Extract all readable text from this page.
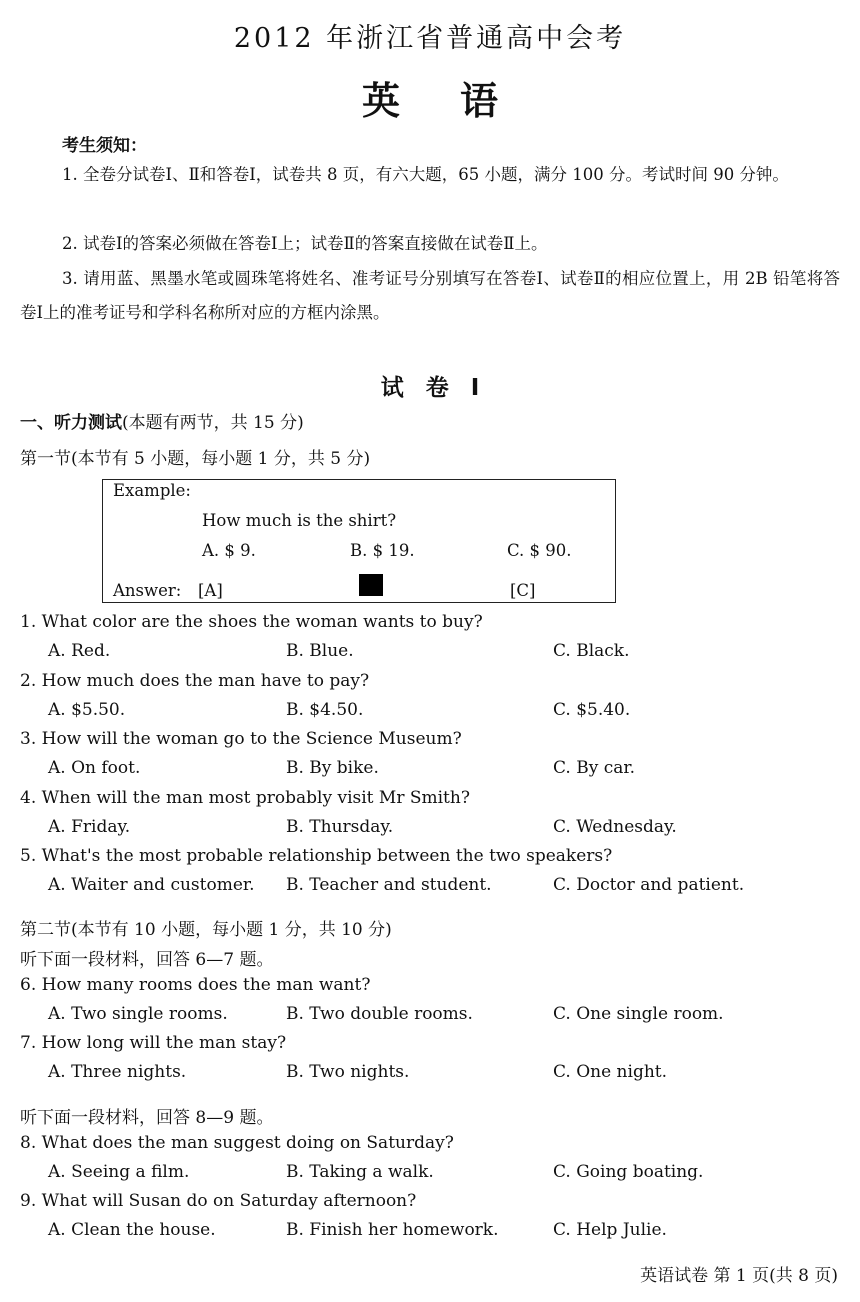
2012 年浙江省普通高中会考
英语
考生须知：
1. 全卷分试卷Ⅰ、Ⅱ和答卷Ⅰ，试卷共 8 页，有六大题，65 小题，满分 100 分。考试时间 90 分钟。
2. 试卷Ⅰ的答案必须做在答卷Ⅰ上；试卷Ⅱ的答案直接做在试卷Ⅱ上。
3. 请用蓝、黑墨水笔或圆珠笔将姓名、准考证号分别填写在答卷Ⅰ、试卷Ⅱ的相应位置上，用 2B 铅笔将答卷Ⅰ上的准考证号和学科名称所对应的方框内涂黑。
试卷Ⅰ
一、听力测试(本题有两节，共 15 分)
第一节(本节有 5 小题，每小题 1 分，共 5 分)
Example:
How much is the shirt?
A. $ 9.	B. $ 19.	C. $ 90.
Answer: [A]	[C]
1. What color are the shoes the woman wants to buy?
A. Red.	B. Blue.	C. Black.
2. How much does the man have to pay?
A. $5.50.	B. $4.50.	C. $5.40.
3. How will the woman go to the Science Museum?
A. On foot.	B. By bike.	C. By car.
4. When will the man most probably visit Mr Smith?
A. Friday.	B. Thursday.	C. Wednesday.
5. What's the most probable relationship between the two speakers?
A. Waiter and customer. B. Teacher and student.	C. Doctor and patient.
第二节(本节有 10 小题，每小题 1 分，共 10 分)
听下面一段材料，回答 6—7 题。
6. How many rooms does the man want?
A. Two single rooms.	B. Two double rooms.	C. One single room.
7. How long will the man stay?
A. Three nights.	B. Two nights.	C. One night.
听下面一段材料，回答 8—9 题。
8. What does the man suggest doing on Saturday?
A. Seeing a film.	B. Taking a walk.	C. Going boating.
9. What will Susan do on Saturday afternoon?
A. Clean the house.	B. Finish her homework.	C. Help Julie.
英语试卷 第 1 页(共 8 页)
